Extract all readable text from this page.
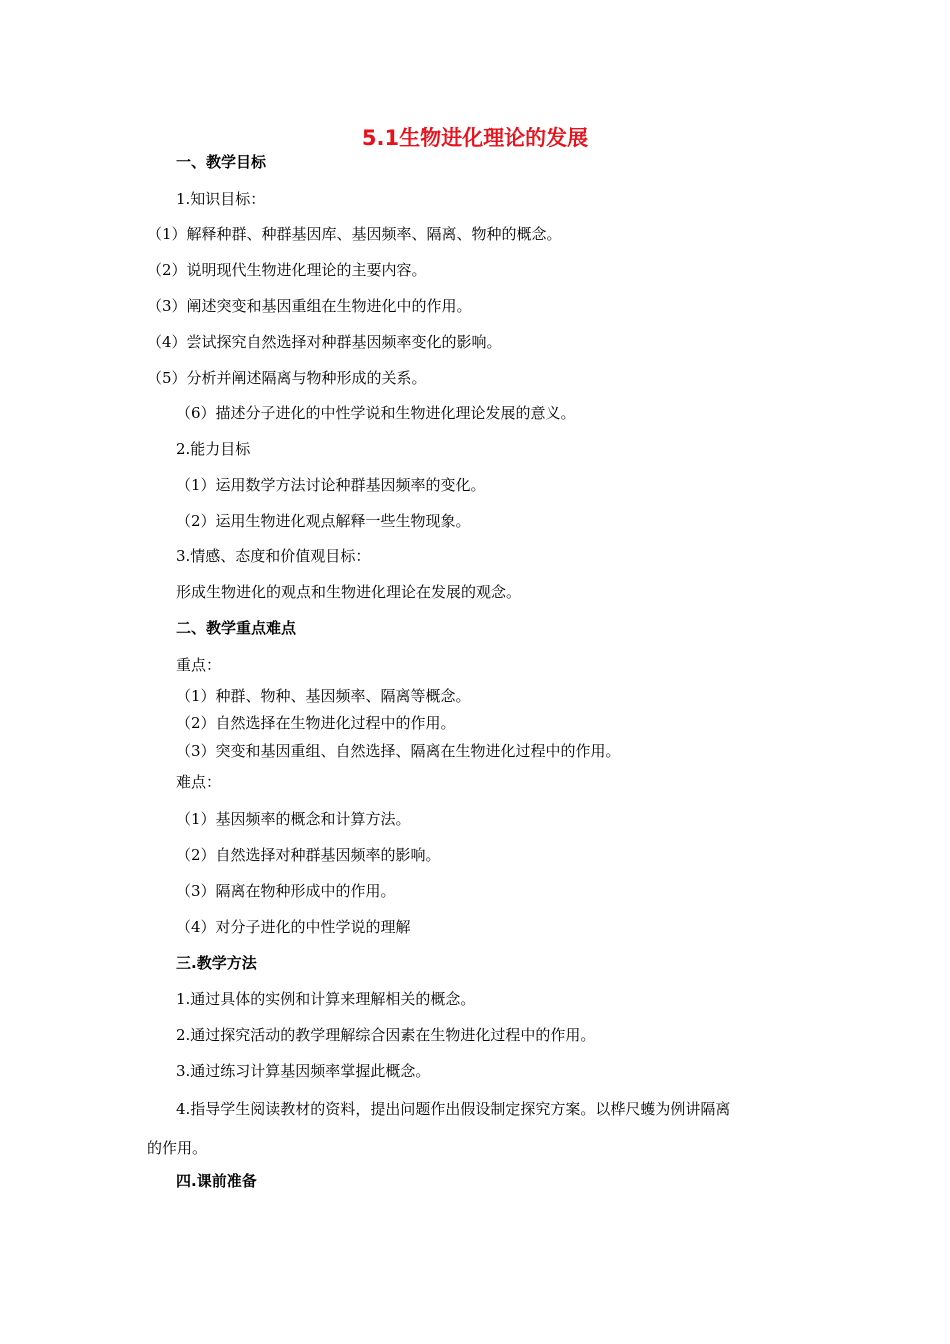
5.1生物进化理论的发展
一、教学目标
1.知识目标：
（1）解释种群、种群基因库、基因频率、隔离、物种的概念。
（2）说明现代生物进化理论的主要内容。
（3）阐述突变和基因重组在生物进化中的作用。
（4）尝试探究自然选择对种群基因频率变化的影响。
（5）分析并阐述隔离与物种形成的关系。
（6）描述分子进化的中性学说和生物进化理论发展的意义。
2.能力目标
（1）运用数学方法讨论种群基因频率的变化。
（2）运用生物进化观点解释一些生物现象。
3.情感、态度和价值观目标：
形成生物进化的观点和生物进化理论在发展的观念。
二、教学重点难点
重点：
（1）种群、物种、基因频率、隔离等概念。
（2）自然选择在生物进化过程中的作用。
（3）突变和基因重组、自然选择、隔离在生物进化过程中的作用。
难点：
（1）基因频率的概念和计算方法。
（2）自然选择对种群基因频率的影响。
（3）隔离在物种形成中的作用。
（4）对分子进化的中性学说的理解
三.教学方法
1.通过具体的实例和计算来理解相关的概念。
2.通过探究活动的教学理解综合因素在生物进化过程中的作用。
3.通过练习计算基因频率掌握此概念。
4.指导学生阅读教材的资料，提出问题作出假设制定探究方案。以桦尺蠖为例讲隔离
的作用。
四.课前准备
